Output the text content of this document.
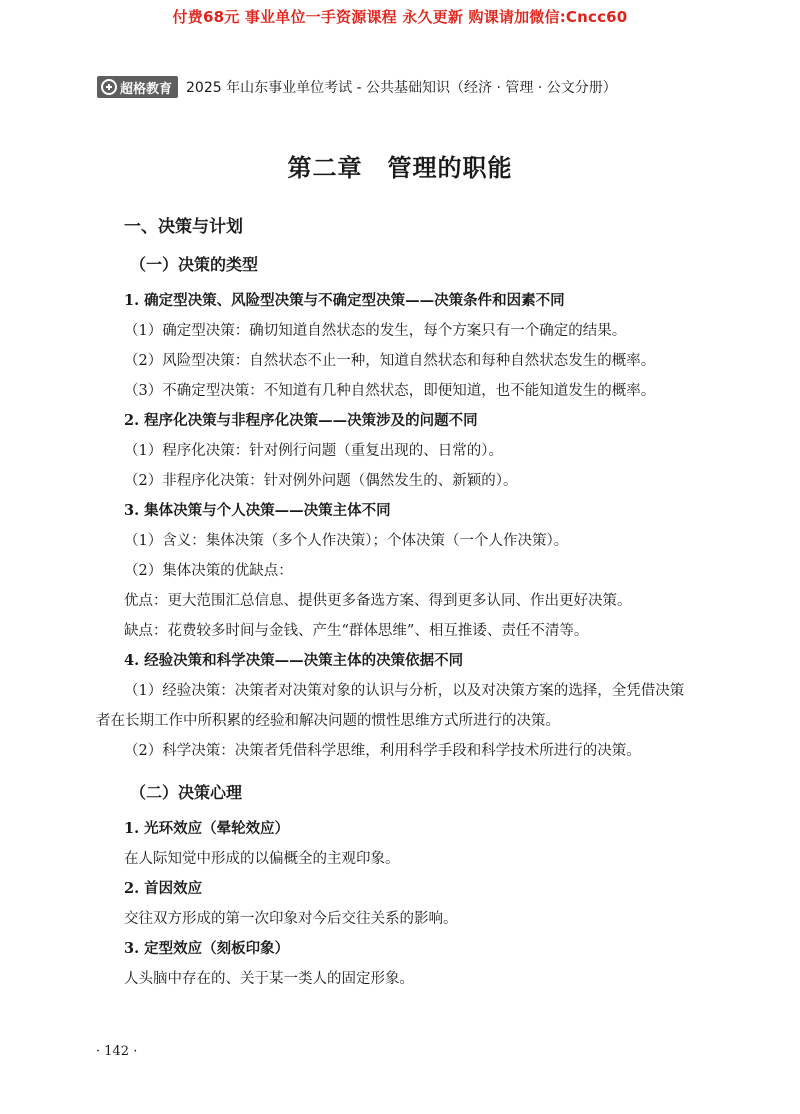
付费68元 事业单位一手资源课程 永久更新 购课请加微信:Cncc60
超格教育 2025 年山东事业单位考试 - 公共基础知识（经济 · 管理 · 公文分册）
第二章　管理的职能
一、决策与计划
（一）决策的类型
1. 确定型决策、风险型决策与不确定型决策——决策条件和因素不同
（1）确定型决策：确切知道自然状态的发生，每个方案只有一个确定的结果。
（2）风险型决策：自然状态不止一种，知道自然状态和每种自然状态发生的概率。
（3）不确定型决策：不知道有几种自然状态，即便知道，也不能知道发生的概率。
2. 程序化决策与非程序化决策——决策涉及的问题不同
（1）程序化决策：针对例行问题（重复出现的、日常的）。
（2）非程序化决策：针对例外问题（偶然发生的、新颖的）。
3. 集体决策与个人决策——决策主体不同
（1）含义：集体决策（多个人作决策）；个体决策（一个人作决策）。
（2）集体决策的优缺点：
优点：更大范围汇总信息、提供更多备选方案、得到更多认同、作出更好决策。
缺点：花费较多时间与金钱、产生“群体思维”、相互推诿、责任不清等。
4. 经验决策和科学决策——决策主体的决策依据不同
（1）经验决策：决策者对决策对象的认识与分析，以及对决策方案的选择，全凭借决策
者在长期工作中所积累的经验和解决问题的惯性思维方式所进行的决策。
（2）科学决策：决策者凭借科学思维，利用科学手段和科学技术所进行的决策。
（二）决策心理
1. 光环效应（晕轮效应）
在人际知觉中形成的以偏概全的主观印象。
2. 首因效应
交往双方形成的第一次印象对今后交往关系的影响。
3. 定型效应（刻板印象）
人头脑中存在的、关于某一类人的固定形象。
· 142 ·
